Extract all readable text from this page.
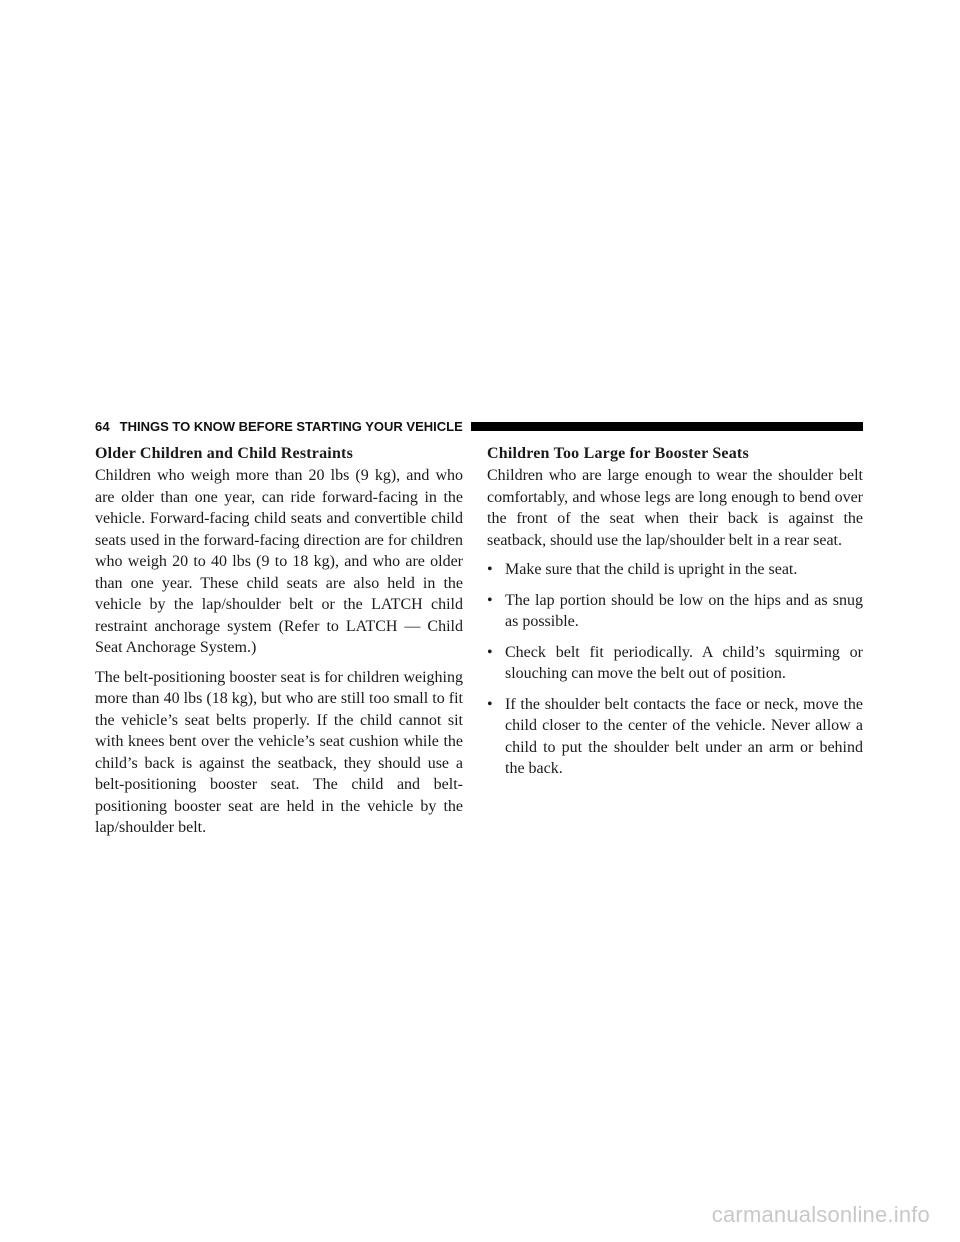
64 THINGS TO KNOW BEFORE STARTING YOUR VEHICLE
Older Children and Child Restraints

Children who weigh more than 20 lbs (9 kg), and who are older than one year, can ride forward-facing in the vehicle. Forward-facing child seats and convertible child seats used in the forward-facing direction are for children who weigh 20 to 40 lbs (9 to 18 kg), and who are older than one year. These child seats are also held in the vehicle by the lap/shoulder belt or the LATCH child restraint anchorage system (Refer to LATCH — Child Seat Anchorage System.)

The belt-positioning booster seat is for children weighing more than 40 lbs (18 kg), but who are still too small to fit the vehicle’s seat belts properly. If the child cannot sit with knees bent over the vehicle’s seat cushion while the child’s back is against the seatback, they should use a belt-positioning booster seat. The child and belt-positioning booster seat are held in the vehicle by the lap/shoulder belt.

Children Too Large for Booster Seats

Children who are large enough to wear the shoulder belt comfortably, and whose legs are long enough to bend over the front of the seat when their back is against the seatback, should use the lap/shoulder belt in a rear seat.

• Make sure that the child is upright in the seat.
• The lap portion should be low on the hips and as snug as possible.
• Check belt fit periodically. A child’s squirming or slouching can move the belt out of position.
• If the shoulder belt contacts the face or neck, move the child closer to the center of the vehicle. Never allow a child to put the shoulder belt under an arm or behind the back.
carmanualsonline.info
